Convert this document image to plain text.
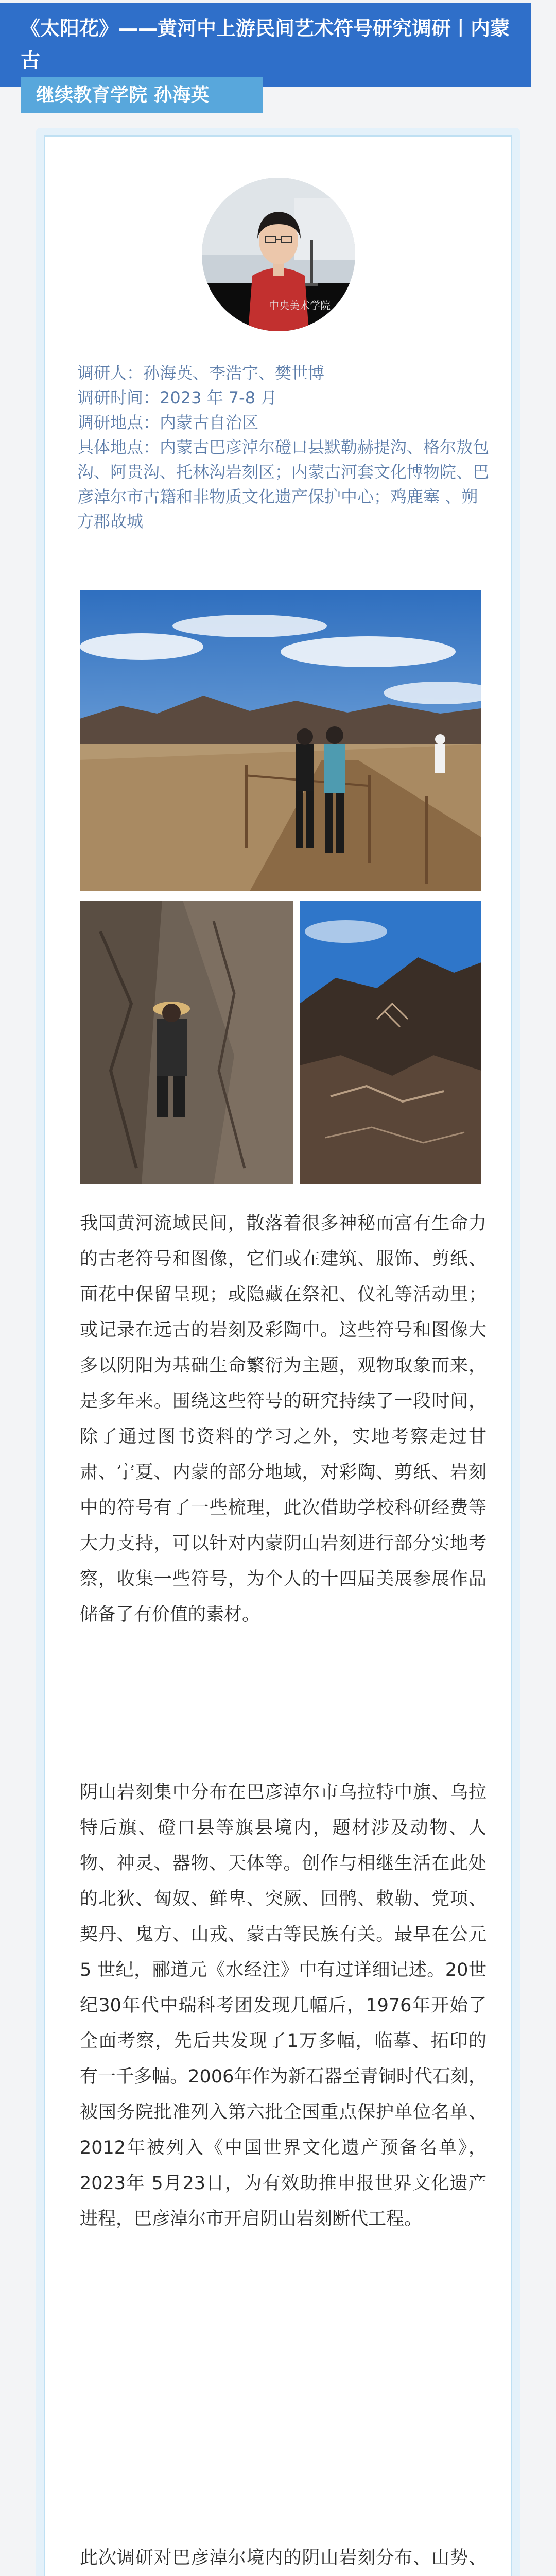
《太阳花》——黄河中上游民间艺术符号研究调研丨内蒙古
继续教育学院 孙海英
中央美术学院

调研人：孙海英、李浩宇、樊世博

调研时间：2023 年 7-8 月

调研地点：内蒙古自治区

具体地点：内蒙古巴彦淖尔磴口县默勒赫提沟、格尔敖包沟、阿贵沟、托林沟岩刻区；内蒙古河套文化博物院、巴彦淖尔市古籍和非物质文化遗产保护中心；鸡鹿塞 、朔方郡故城

我国黄河流域民间，散落着很多神秘而富有生命力的古老符号和图像，它们或在建筑、服饰、剪纸、面花中保留呈现；或隐藏在祭祀、仪礼等活动里；或记录在远古的岩刻及彩陶中。这些符号和图像大多以阴阳为基础生命繁衍为主题，观物取象而来，是多年来。围绕这些符号的研究持续了一段时间，除了通过图书资料的学习之外，实地考察走过甘肃、宁夏、内蒙的部分地域，对彩陶、剪纸、岩刻中的符号有了一些梳理，此次借助学校科研经费等大力支持，可以针对内蒙阴山岩刻进行部分实地考察，收集一些符号，为个人的十四届美展参展作品储备了有价值的素材。

阴山岩刻集中分布在巴彦淖尔市乌拉特中旗、乌拉特后旗、磴口县等旗县境内，题材涉及动物、人物、神灵、器物、天体等。创作与相继生活在此处的北狄、匈奴、鲜卑、突厥、回鹘、敕勒、党项、契丹、鬼方、山戎、蒙古等民族有关。最早在公元 5 世纪，郦道元《水经注》中有过详细记述。20世纪30年代中瑞科考团发现几幅后，1976年开始了全面考察，先后共发现了1万多幅，临摹、拓印的有一千多幅。2006年作为新石器至青铜时代石刻，被国务院批准列入第六批全国重点保护单位名单、2012年被列入《中国世界文化遗产预备名单》，2023年 5月23日，为有效助推申报世界文化遗产进程，巴彦淖尔市开启阴山岩刻断代工程。

此次调研对巴彦淖尔境内的阴山岩刻分布、山势、
